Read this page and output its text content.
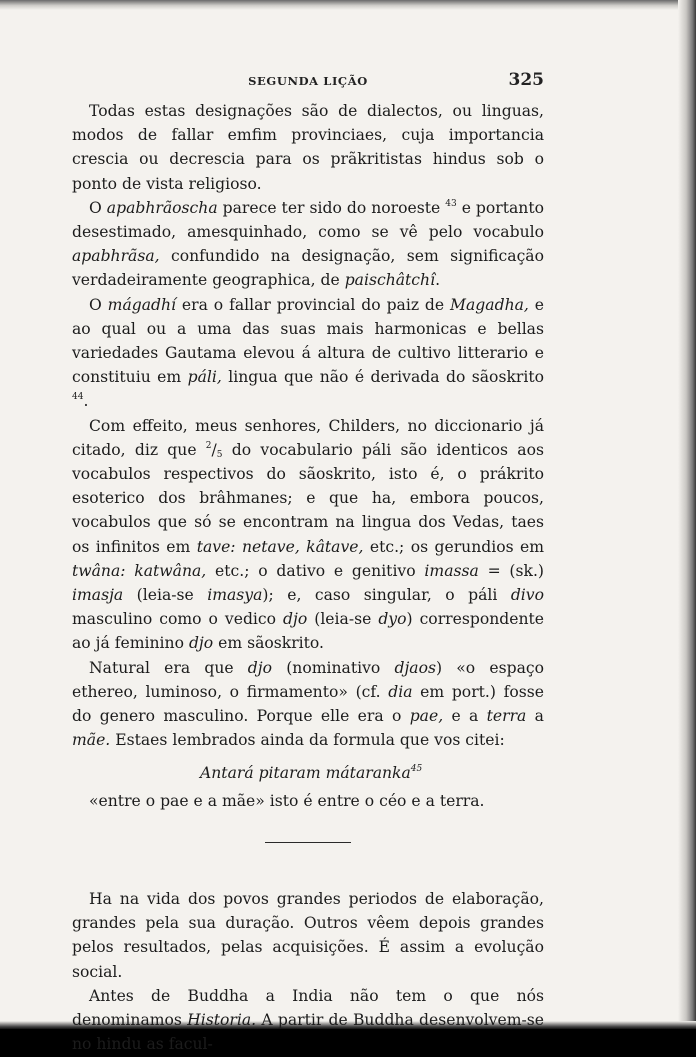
SEGUNDA LIÇÃO	325

Todas estas designações são de dialectos, ou linguas, modos de fallar emfim provinciaes, cuja importancia crescia ou decrescia para os prãkritistas hindus sob o ponto de vista religioso.

O apabhrãoscha parece ter sido do noroeste $^{43}$ e portanto desestimado, amesquinhado, como se vê pelo vocabulo apabhrãsa, confundido na designação, sem significação verdadeiramente geographica, de paischâtchî.

O mágadhí era o fallar provincial do paiz de Magadha, e ao qual ou a uma das suas mais harmonicas e bellas variedades Gautama elevou á altura de cultivo litterario e constituiu em páli, lingua que não é derivada do sãoskrito $^{44}$.

Com effeito, meus senhores, Childers, no diccionario já citado, diz que $^2/_5$ do vocabulario páli são identicos aos vocabulos respectivos do sãoskrito, isto é, o prákrito esoterico dos brâhmanes; e que ha, embora poucos, vocabulos que só se encontram na lingua dos Vedas, taes os infinitos em tave: netave, kâtave, etc.; os gerundios em twâna: katwâna, etc.; o dativo e genitivo imassa = (sk.) imasja (leia-se imasya); e, caso singular, o páli divo masculino como o vedico djo (leia-se dyo) correspondente ao já feminino djo em sãoskrito.

Natural era que djo (nominativo djaos) «o espaço ethereo, luminoso, o firmamento» (cf. dia em port.) fosse do genero masculino. Porque elle era o pae, e a terra a mãe. Estaes lembrados ainda da formula que vos citei:

Antará pitaram mátaranka$^{45}$

«entre o pae e a mãe» isto é entre o céo e a terra.

Ha na vida dos povos grandes periodos de elaboração, grandes pela sua duração. Outros vêem depois grandes pelos resultados, pelas acquisições. É assim a evolução social.

Antes de Buddha a India não tem o que nós denominamos Historia. A partir de Buddha desenvolvem-se no hindu as facul-
